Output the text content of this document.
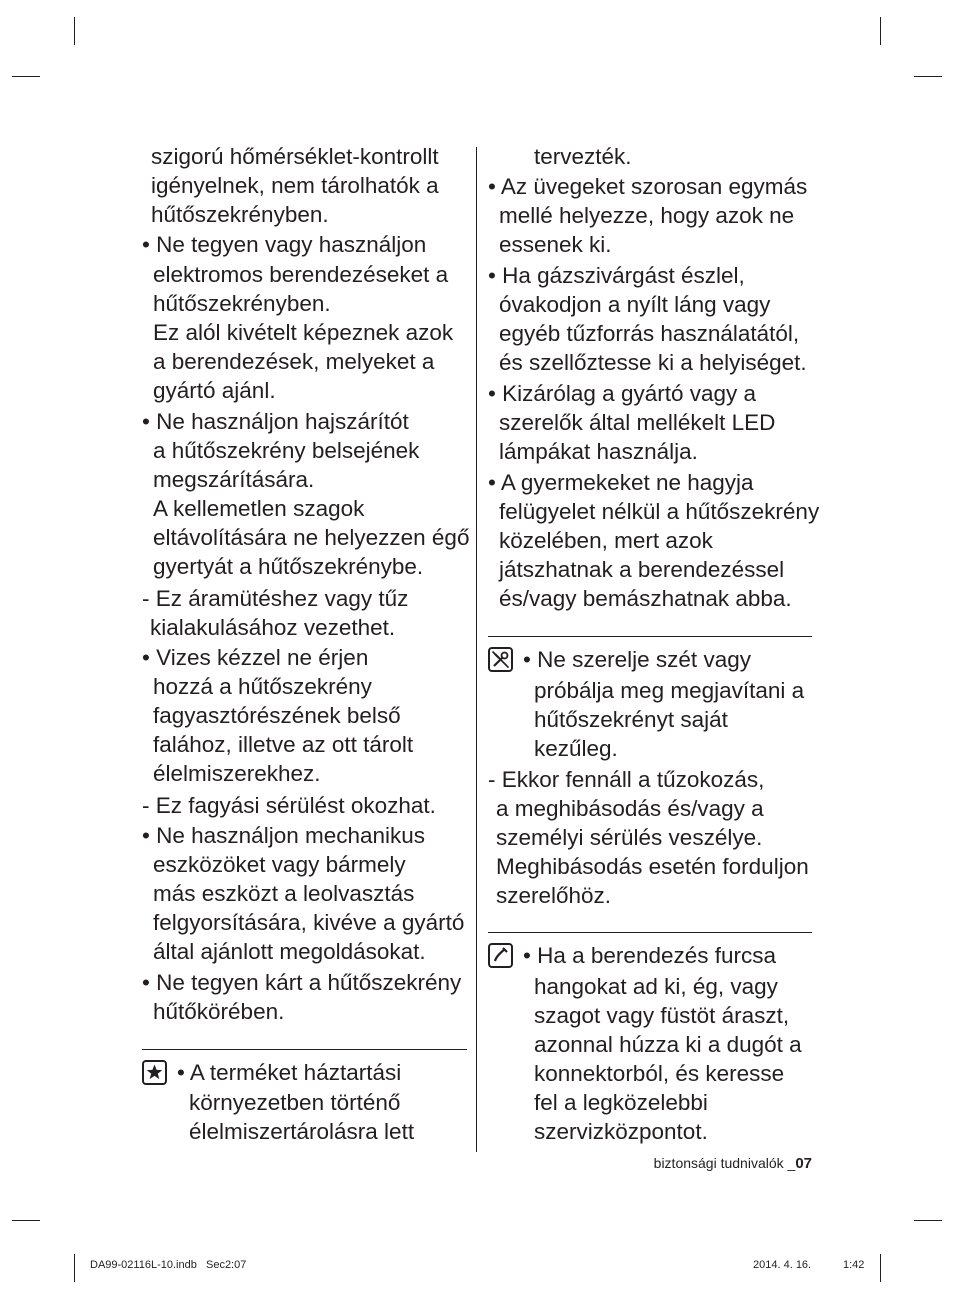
szigorú hőmérséklet-kontrollt
igényelnek, nem tárolhatók a
hűtőszekrényben.
• Ne tegyen vagy használjon
elektromos berendezéseket a
hűtőszekrényben.
Ez alól kivételt képeznek azok
a berendezések, melyeket a
gyártó ajánl.
• Ne használjon hajszárítót
a hűtőszekrény belsejének
megszárítására.
A kellemetlen szagok
eltávolítására ne helyezzen égő
gyertyát a hűtőszekrénybe.
- Ez áramütéshez vagy tűz
kialakulásához vezethet.
• Vizes kézzel ne érjen
hozzá a hűtőszekrény
fagyasztórészének belső
falához, illetve az ott tárolt
élelmiszerekhez.
- Ez fagyási sérülést okozhat.
• Ne használjon mechanikus
eszközöket vagy bármely
más eszközt a leolvasztás
felgyorsítására, kivéve a gyártó
által ajánlott megoldásokat.
• Ne tegyen kárt a hűtőszekrény
hűtőkörében.
• A terméket háztartási
környezetben történő
élelmiszertárolásra lett
tervezték.
• Az üvegeket szorosan egymás
mellé helyezze, hogy azok ne
essenek ki.
• Ha gázszivárgást észlel,
óvakodjon a nyílt láng vagy
egyéb tűzforrás használatától,
és szellőztesse ki a helyiséget.
• Kizárólag a gyártó vagy a
szerelők által mellékelt LED
lámpákat használja.
• A gyermekeket ne hagyja
felügyelet nélkül a hűtőszekrény
közelében, mert azok
játszhatnak a berendezéssel
és/vagy bemászhatnak abba.
• Ne szerelje szét vagy
próbálja meg megjavítani a
hűtőszekrényt saját
kezűleg.
- Ekkor fennáll a tűzokozás,
a meghibásodás és/vagy a
személyi sérülés veszélye.
Meghibásodás esetén forduljon
szerelőhöz.
• Ha a berendezés furcsa
hangokat ad ki, ég, vagy
szagot vagy füstöt áraszt,
azonnal húzza ki a dugót a
konnektorból, és keresse
fel a legközelebbi
szervizközpontot.
biztonsági tudnivalók _07
DA99-02116L-10.indb   Sec2:07	2014. 4. 16.	1:42
